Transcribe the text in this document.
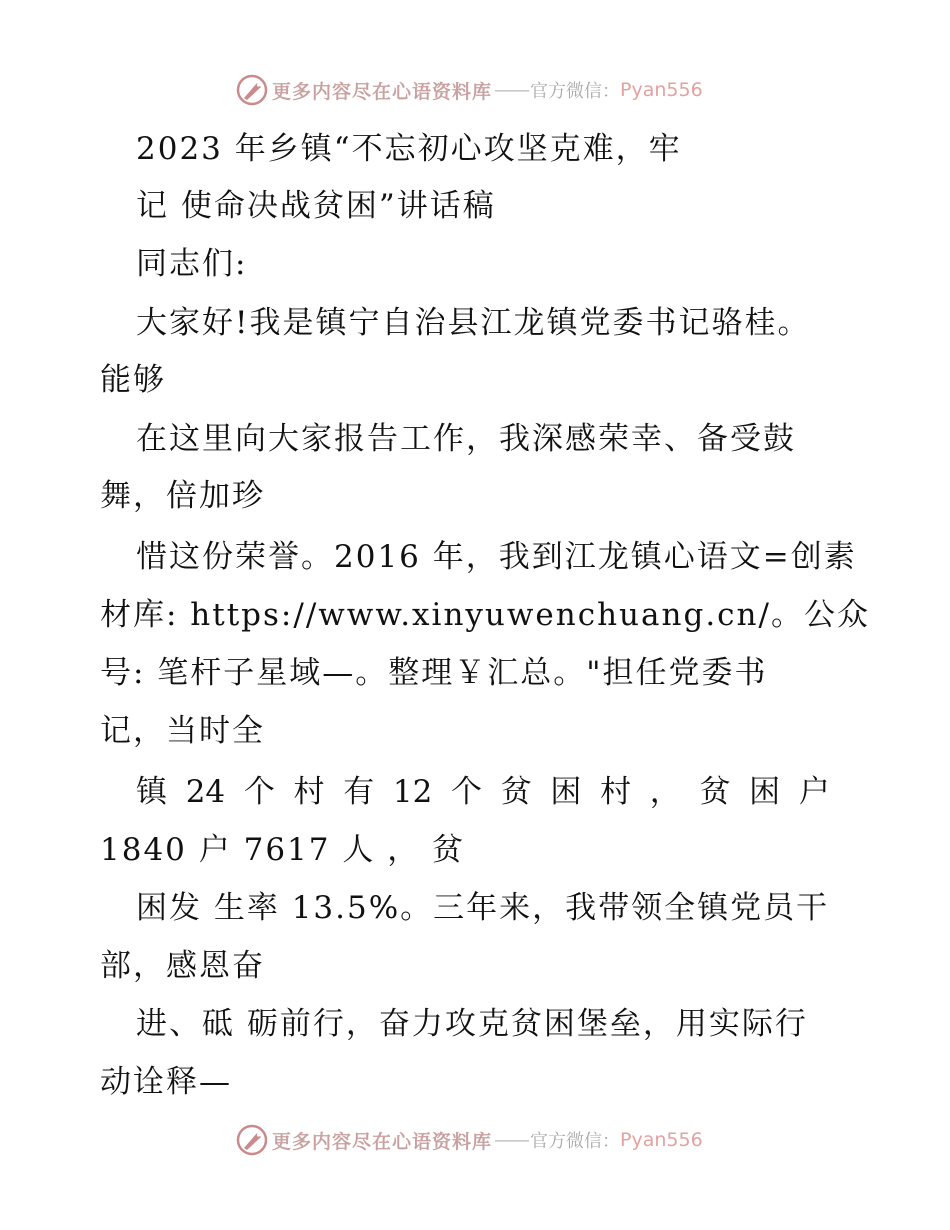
更多内容尽在心语资料库 —— 官方微信： Pyan556
2023 年乡镇“不忘初心攻坚克难，牢
记 使命决战贫困”讲话稿
同志们:
大家好!我是镇宁自治县江龙镇党委书记骆桂。
能够
在这里向大家报告工作，我深感荣幸、备受鼓
舞，倍加珍
惜这份荣誉。2016 年，我到江龙镇心语文=创素
材库: https://www.xinyuwenchuang.cn/。公众
号: 笔杆子星域—。整理￥汇总。"担任党委书
记，当时全
镇 24 个 村 有 12 个 贫 困 村 ， 贫 困 户
1840 户 7617 人 ， 贫
困发 生率 13.5%。三年来，我带领全镇党员干
部，感恩奋
进、砥 砺前行，奋力攻克贫困堡垒，用实际行
动诠释—
更多内容尽在心语资料库 —— 官方微信： Pyan556
